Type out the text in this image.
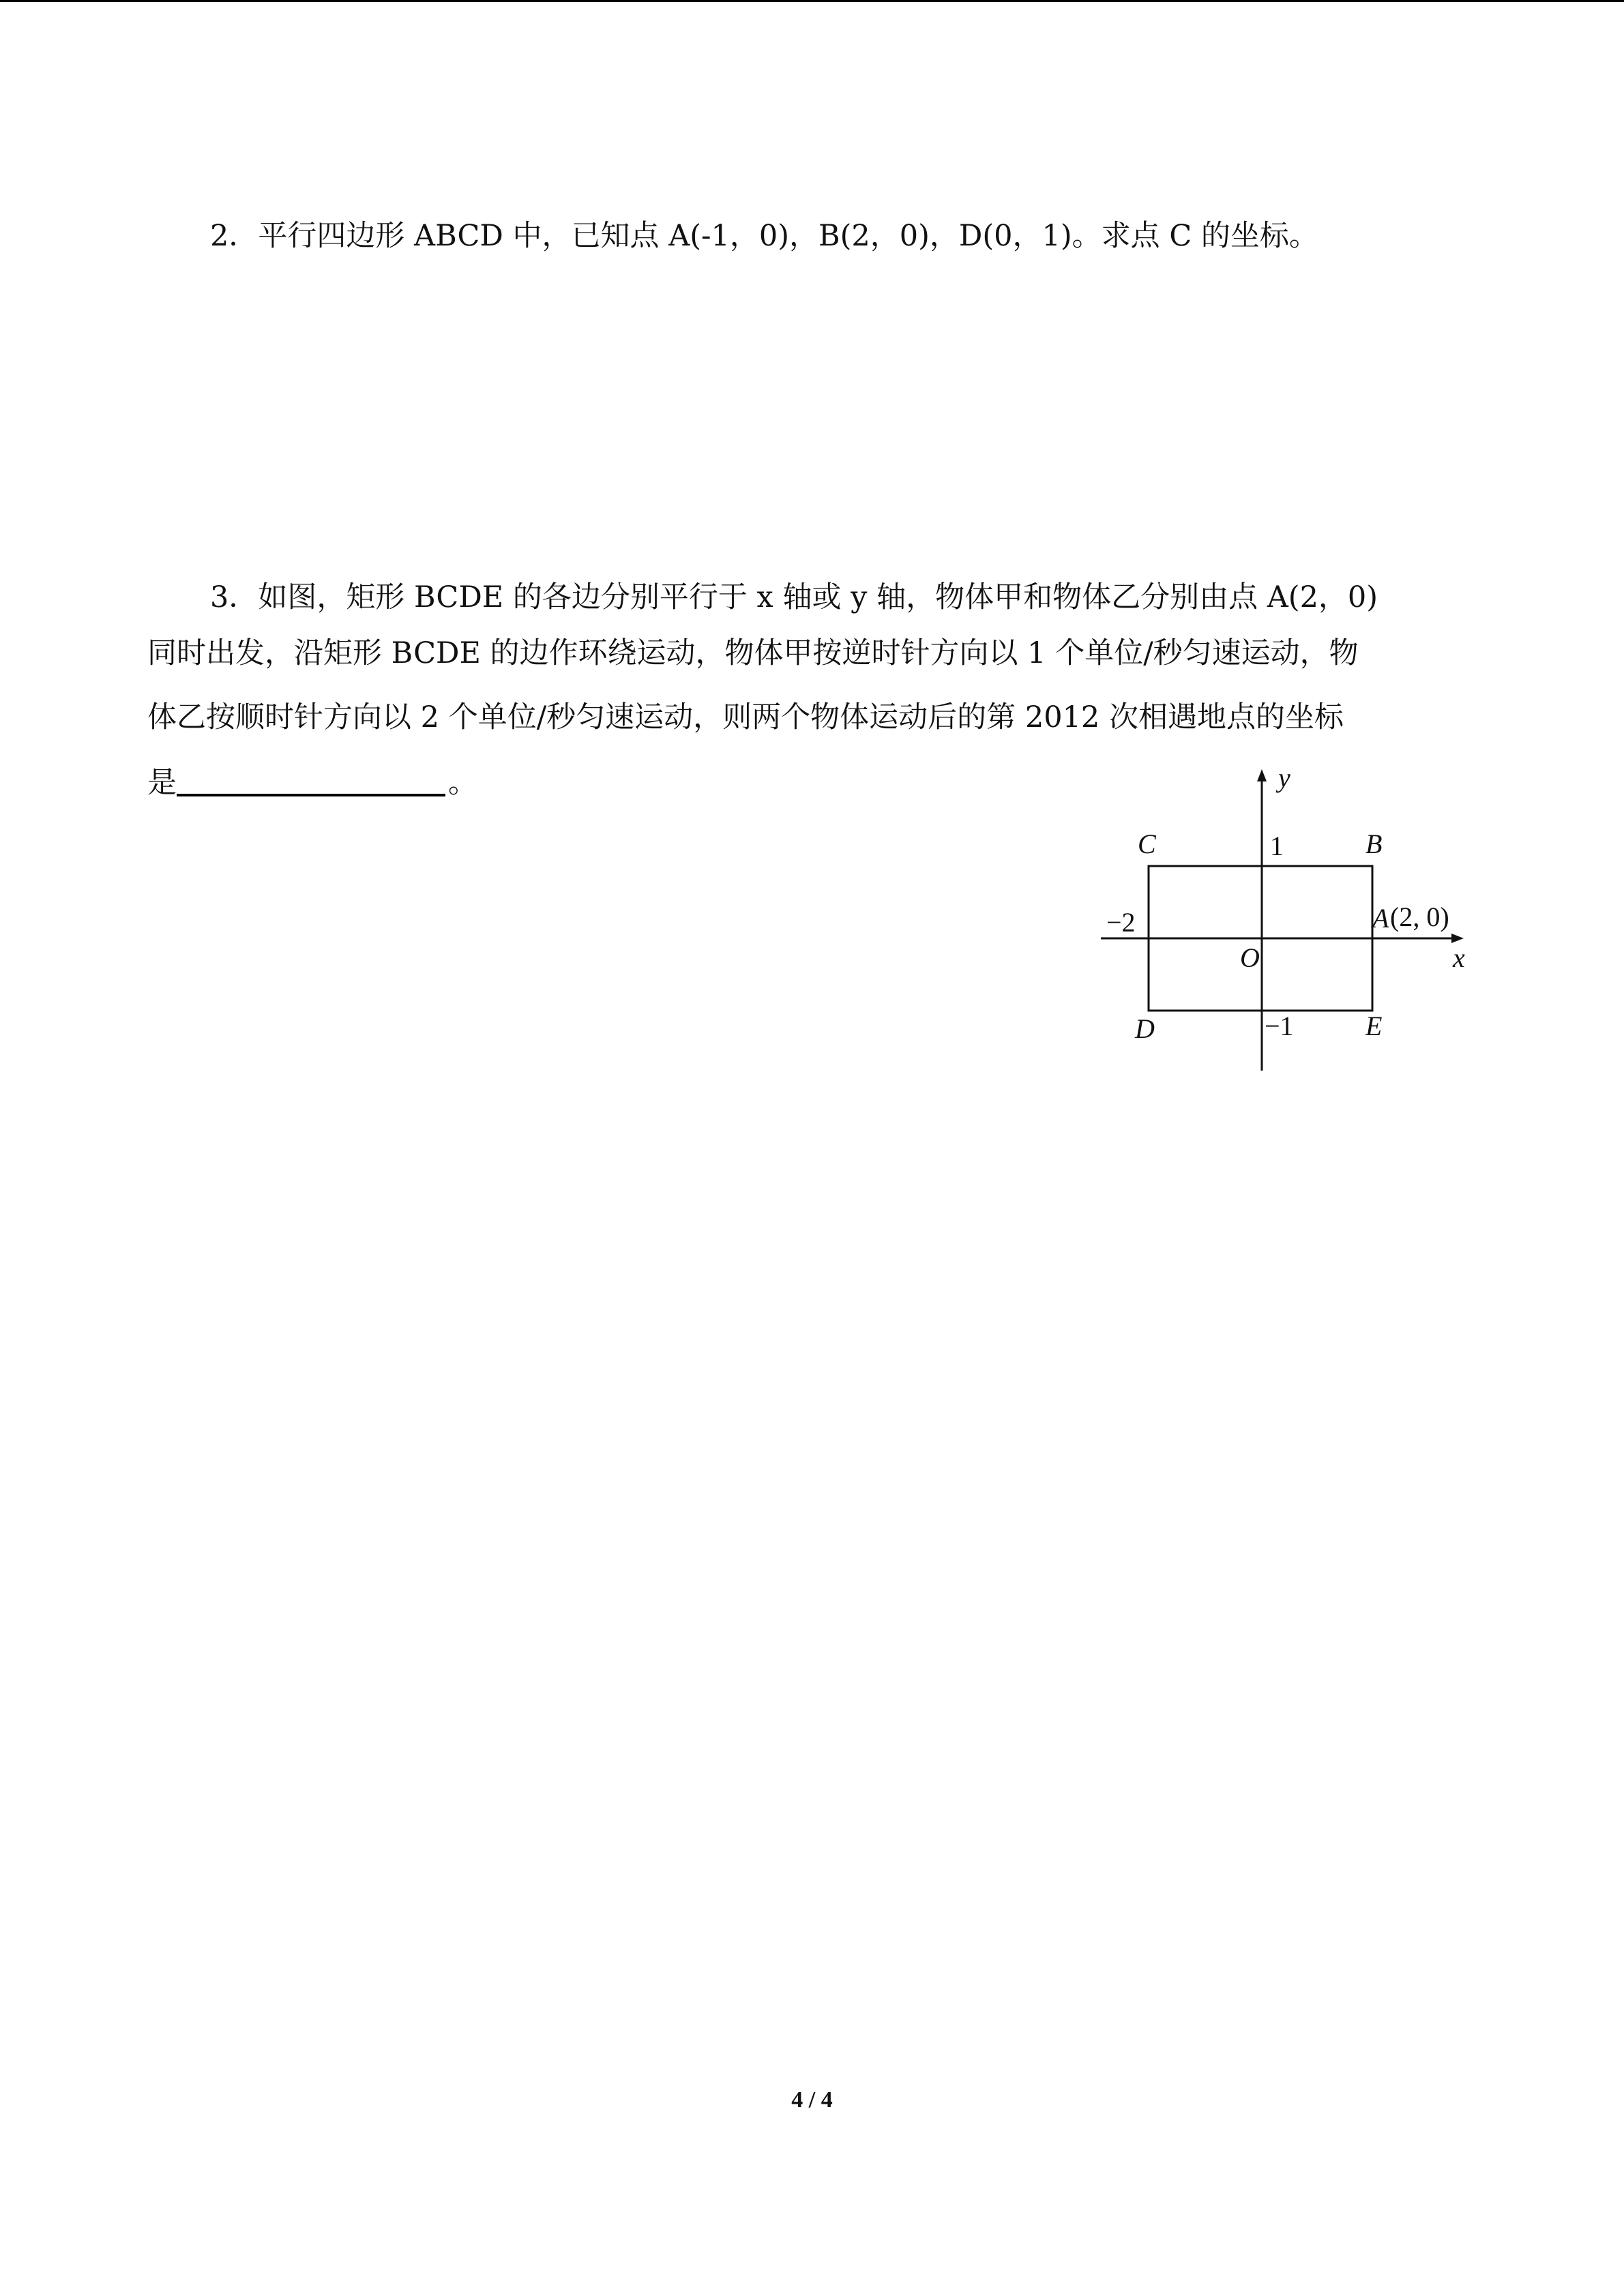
2．平行四边形 ABCD 中，已知点 A(-1，0)，B(2，0)，D(0，1)。求点 C 的坐标。
3．如图，矩形 BCDE 的各边分别平行于 x 轴或 y 轴，物体甲和物体乙分别由点 A(2，0)
同时出发，沿矩形 BCDE 的边作环绕运动，物体甲按逆时针方向以 1 个单位/秒匀速运动，物
体乙按顺时针方向以 2 个单位/秒匀速运动，则两个物体运动后的第 2012 次相遇地点的坐标
是	。	y
x
O
C	B
D	E
A (2, 0)
1
−1
−2
4 / 4
